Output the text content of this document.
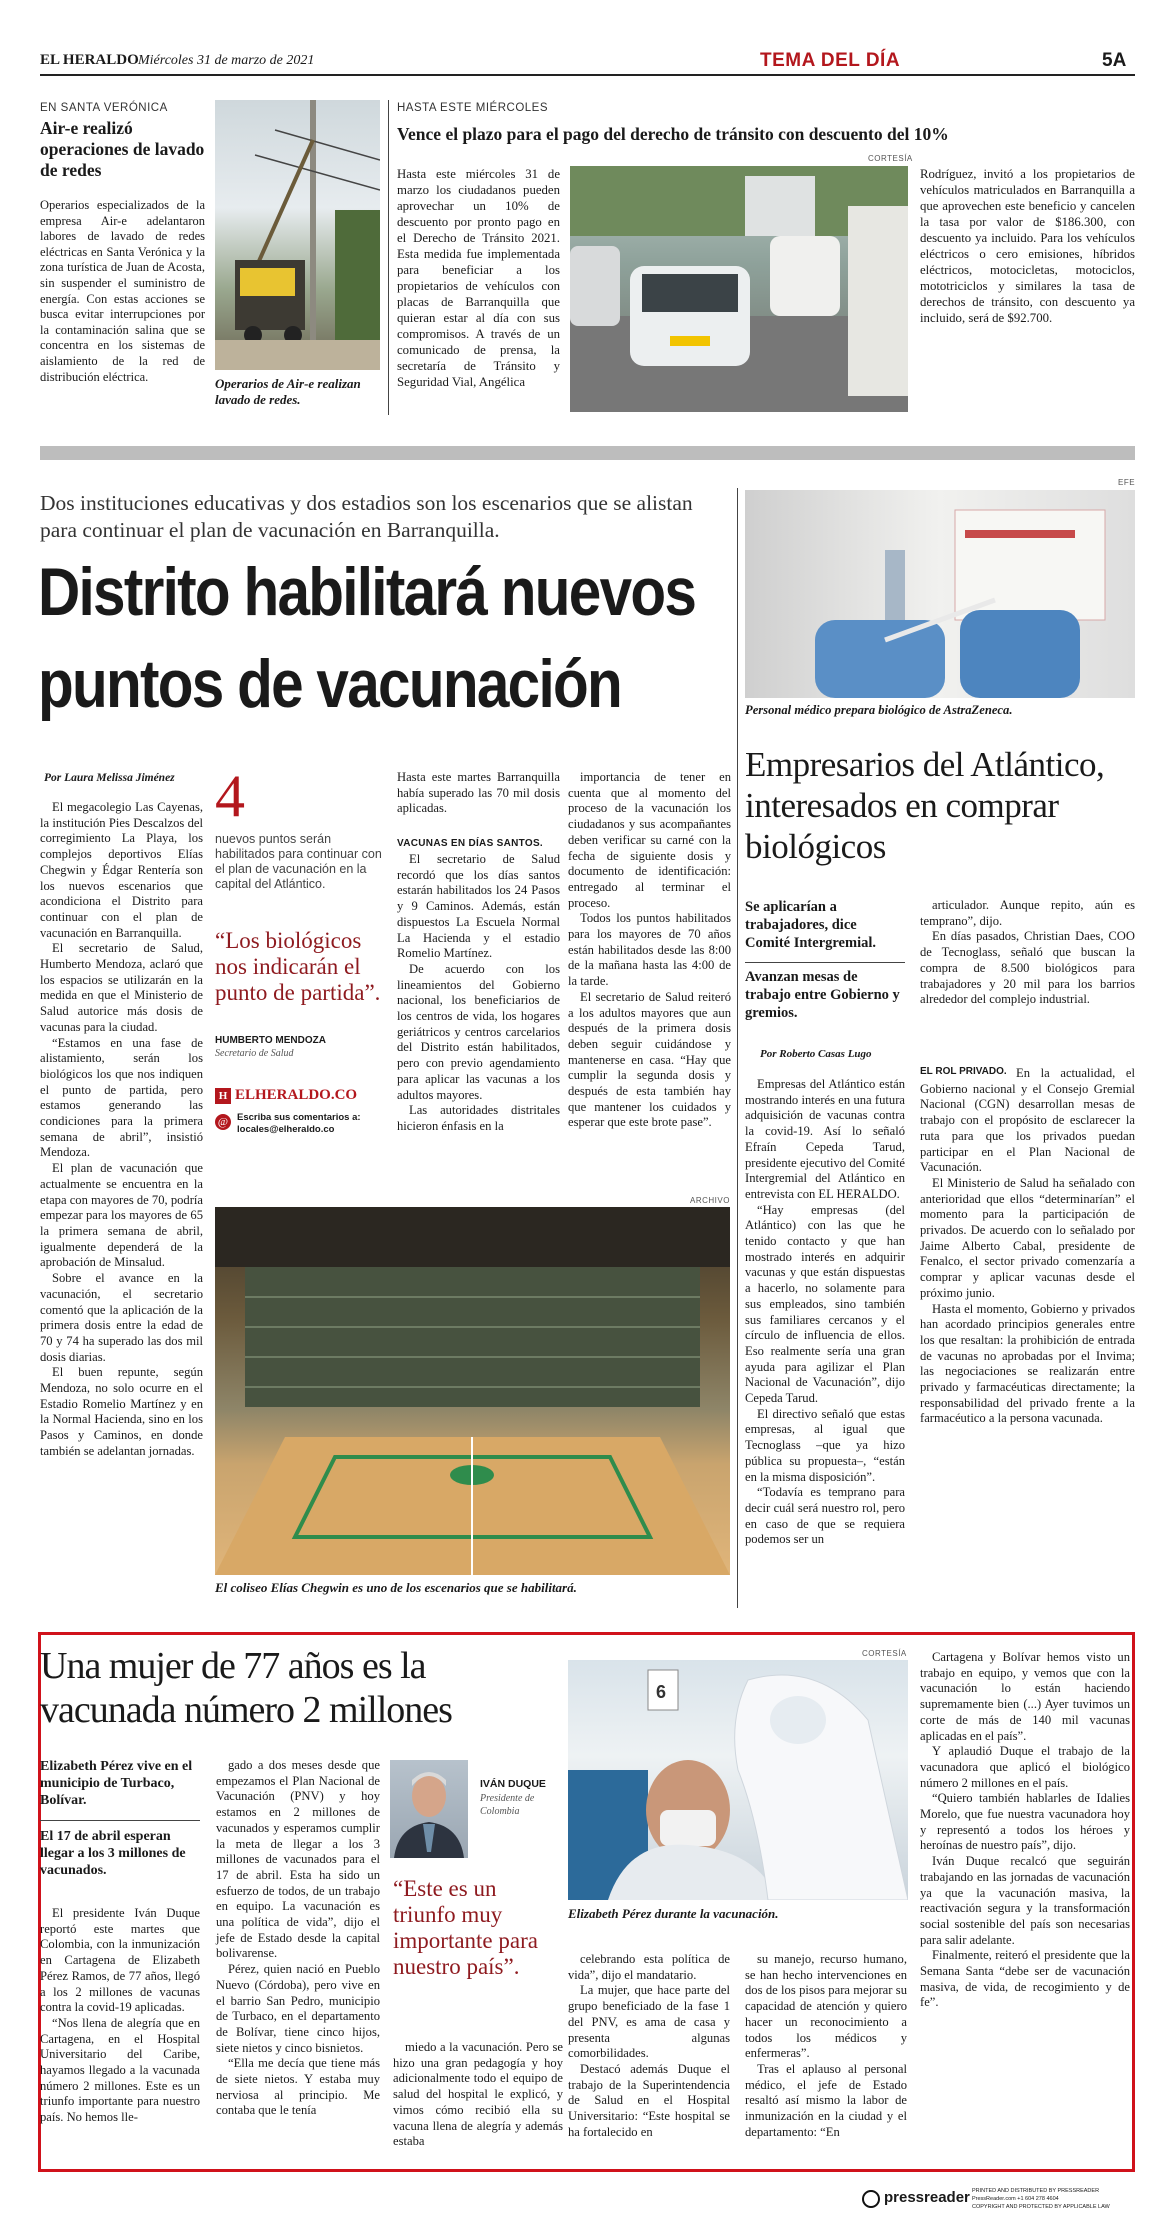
EL HERALDO Miércoles 31 de marzo de 2021	TEMA DEL DÍA	5A
EN SANTA VERÓNICA
Air-e realizó operaciones de lavado de redes
Operarios especializados de la empresa Air-e adelantaron labores de lavado de redes eléctricas en Santa Verónica y la zona turística de Juan de Acosta, sin suspender el suministro de energía. Con estas acciones se busca evitar interrupciones por la contaminación salina que se concentra en los sistemas de aislamiento de la red de distribución eléctrica.	Operarios de Air-e realizan lavado de redes.
HASTA ESTE MIÉRCOLES
Vence el plazo para el pago del derecho de tránsito con descuento del 10%
Hasta este miércoles 31 de marzo los ciudadanos pueden aprovechar un 10% de descuento por pronto pago en el Derecho de Tránsito 2021. Esta medida fue implementada para beneficiar a los propietarios de vehículos con placas de Barranquilla que quieran estar al día con sus compromisos. A través de un comunicado de prensa, la secretaría de Tránsito y Seguridad Vial, Angélica
CORTESÍA
Rodríguez, invitó a los propietarios de vehículos matriculados en Barranquilla a que aprovechen este beneficio y cancelen la tasa por valor de $186.300, con descuento ya incluido. Para los vehículos eléctricos o cero emisiones, híbridos eléctricos, motocicletas, motociclos, mototriciclos y similares la tasa de derechos de tránsito, con descuento ya incluido, será de $92.700.
Dos instituciones educativas y dos estadios son los escenarios que se alistan para continuar el plan de vacunación en Barranquilla.
Distrito habilitará nuevos
puntos de vacunación
Por Laura Melissa Jiménez

El megacolegio Las Cayenas, la institución Pies Descalzos del corregimiento La Playa, los complejos deportivos Elías Chegwin y Édgar Rentería son los nuevos escenarios que acondiciona el Distrito para continuar con el plan de vacunación en Barranquilla.

El secretario de Salud, Humberto Mendoza, aclaró que los espacios se utilizarán en la medida en que el Ministerio de Salud autorice más dosis de vacunas para la ciudad.

“Estamos en una fase de alistamiento, serán los biológicos los que nos indiquen el punto de partida, pero estamos generando las condiciones para la primera semana de abril”, insistió Mendoza.

El plan de vacunación que actualmente se encuentra en la etapa con mayores de 70, podría empezar para los mayores de 65 la primera semana de abril, igualmente dependerá de la aprobación de Minsalud.

Sobre el avance en la vacunación, el secretario comentó que la aplicación de la primera dosis entre la edad de 70 y 74 ha superado las dos mil dosis diarias.

El buen repunte, según Mendoza, no solo ocurre en el Estadio Romelio Martínez y en la Normal Hacienda, sino en los Pasos y Caminos, en donde también se adelantan jornadas.

4
nuevos puntos serán habilitados para continuar con el plan de vacunación en la capital del Atlántico.
“Los biológicos nos indicarán el punto de partida”.
HUMBERTO MENDOZA
Secretario de Salud
H ELHERALDO.CO
@ Escriba sus comentarios a:
locales@elheraldo.co
Hasta este martes Barranquilla había superado las 70 mil dosis aplicadas.
VACUNAS EN DÍAS SANTOS.

El secretario de Salud recordó que los días santos estarán habilitados los 24 Pasos y 9 Caminos. Además, están dispuestos La Escuela Normal La Hacienda y el estadio Romelio Martínez.

De acuerdo con los lineamientos del Gobierno nacional, los beneficiarios de los centros de vida, los hogares geriátricos y centros carcelarios del Distrito están habilitados, pero con previo agendamiento para aplicar las vacunas a los adultos mayores.

Las autoridades distritales hicieron énfasis en la

importancia de tener en cuenta que al momento del proceso de la vacunación los ciudadanos y sus acompañantes deben verificar su carné con la fecha de siguiente dosis y documento de identificación: entregado al terminar el proceso.

Todos los puntos habilitados para los mayores de 70 años están habilitados desde las 8:00 de la mañana hasta las 4:00 de la tarde.

El secretario de Salud reiteró a los adultos mayores que aun después de la primera dosis deben seguir cuidándose y mantenerse en casa. “Hay que cumplir la segunda dosis y después de esta también hay que mantener los cuidados y esperar que este brote pase”.

ARCHIVO
El coliseo Elías Chegwin es uno de los escenarios que se habilitará.
EFE
Personal médico prepara biológico de AstraZeneca.
Empresarios del Atlántico, interesados en comprar biológicos
Se aplicarían a trabajadores, dice Comité Intergremial.
Avanzan mesas de trabajo entre Gobierno y gremios.
Por Roberto Casas Lugo

Empresas del Atlántico están mostrando interés en una futura adquisición de vacunas contra la covid-19. Así lo señaló Efraín Cepeda Tarud, presidente ejecutivo del Comité Intergremial del Atlántico en entrevista con EL HERALDO.

“Hay empresas (del Atlántico) con las que he tenido contacto y que han mostrado interés en adquirir vacunas y que están dispuestas a hacerlo, no solamente para sus empleados, sino también sus familiares cercanos y el círculo de influencia de ellos. Eso realmente sería una gran ayuda para agilizar el Plan Nacional de Vacunación”, dijo Cepeda Tarud.

El directivo señaló que estas empresas, al igual que Tecnoglass –que ya hizo pública su propuesta–, “están en la misma disposición”.

“Todavía es temprano para decir cuál será nuestro rol, pero en caso de que se requiera podemos ser un

articulador. Aunque repito, aún es temprano”, dijo.

En días pasados, Christian Daes, COO de Tecnoglass, señaló que buscan la compra de 8.500 biológicos para trabajadores y 20 mil para los barrios alrededor del complejo industrial.

EL ROL PRIVADO. En la actualidad, el Gobierno nacional y el Consejo Gremial Nacional (CGN) desarrollan mesas de trabajo con el propósito de esclarecer la ruta para que los privados puedan participar en el Plan Nacional de Vacunación.

El Ministerio de Salud ha señalado con anterioridad que ellos “determinarían” el momento para la participación de privados. De acuerdo con lo señalado por Jaime Alberto Cabal, presidente de Fenalco, el sector privado comenzaría a comprar y aplicar vacunas desde el próximo junio.

Hasta el momento, Gobierno y privados han acordado principios generales entre los que resaltan: la prohibición de entrada de vacunas no aprobadas por el Invima; las negociaciones se realizarán entre privado y farmacéuticas directamente; la responsabilidad del privado frente a la farmacéutico a la persona vacunada.

Una mujer de 77 años es la
vacunada número 2 millones
Elizabeth Pérez vive en el municipio de Turbaco, Bolívar.
El 17 de abril esperan llegar a los 3 millones de vacunados.

El presidente Iván Duque reportó este martes que Colombia, con la inmunización en Cartagena de Elizabeth Pérez Ramos, de 77 años, llegó a los 2 millones de vacunas contra la covid-19 aplicadas.

“Nos llena de alegría que en Cartagena, en el Hospital Universitario del Caribe, hayamos llegado a la vacunada número 2 millones. Este es un triunfo importante para nuestro país. No hemos lle-

gado a dos meses desde que empezamos el Plan Nacional de Vacunación (PNV) y hoy estamos en 2 millones de vacunados y esperamos cumplir la meta de llegar a los 3 millones de vacunados para el 17 de abril. Esta ha sido un esfuerzo de todos, de un trabajo en equipo. La vacunación es una política de vida”, dijo el jefe de Estado desde la capital bolivarense.

Pérez, quien nació en Pueblo Nuevo (Córdoba), pero vive en el barrio San Pedro, municipio de Turbaco, en el departamento de Bolívar, tiene cinco hijos, siete nietos y cinco bisnietos.

“Ella me decía que tiene más de siete nietos. Y estaba muy nerviosa al principio. Me contaba que le tenía

IVÁN DUQUE
Presidente de Colombia
“Este es un triunfo muy importante para nuestro país”.

miedo a la vacunación. Pero se hizo una gran pedagogía y hoy adicionalmente todo el equipo de salud del hospital le explicó, y vimos cómo recibió ella su vacuna llena de alegría y además estaba

CORTESÍA
6
Elizabeth Pérez durante la vacunación.

celebrando esta política de vida”, dijo el mandatario.

La mujer, que hace parte del grupo beneficiado de la fase 1 del PNV, es ama de casa y presenta algunas comorbilidades.

Destacó además Duque el trabajo de la Superintendencia de Salud en el Hospital Universitario: “Este hospital se ha fortalecido en

su manejo, recurso humano, se han hecho intervenciones en dos de los pisos para mejorar su capacidad de atención y quiero hacer un reconocimiento a todos los médicos y enfermeras”.

Tras el aplauso al personal médico, el jefe de Estado resaltó así mismo la labor de inmunización en la ciudad y el departamento: “En

Cartagena y Bolívar hemos visto un trabajo en equipo, y vemos que con la vacunación lo están haciendo supremamente bien (...) Ayer tuvimos un corte de más de 140 mil vacunas aplicadas en el país”.

Y aplaudió Duque el trabajo de la vacunadora que aplicó el biológico número 2 millones en el país.

“Quiero también hablarles de Idalies Morelo, que fue nuestra vacunadora hoy y representó a todos los héroes y heroínas de nuestro país”, dijo.

Iván Duque recalcó que seguirán trabajando en las jornadas de vacunación ya que la vacunación masiva, la reactivación segura y la transformación social sostenible del país son necesarias para salir adelante.

Finalmente, reiteró el presidente que la Semana Santa “debe ser de vacunación masiva, de vida, de recogimiento y de fe”.

pressreader PRINTED AND DISTRIBUTED BY PRESSREADER
PressReader.com +1 604 278 4604
COPYRIGHT AND PROTECTED BY APPLICABLE LAW
